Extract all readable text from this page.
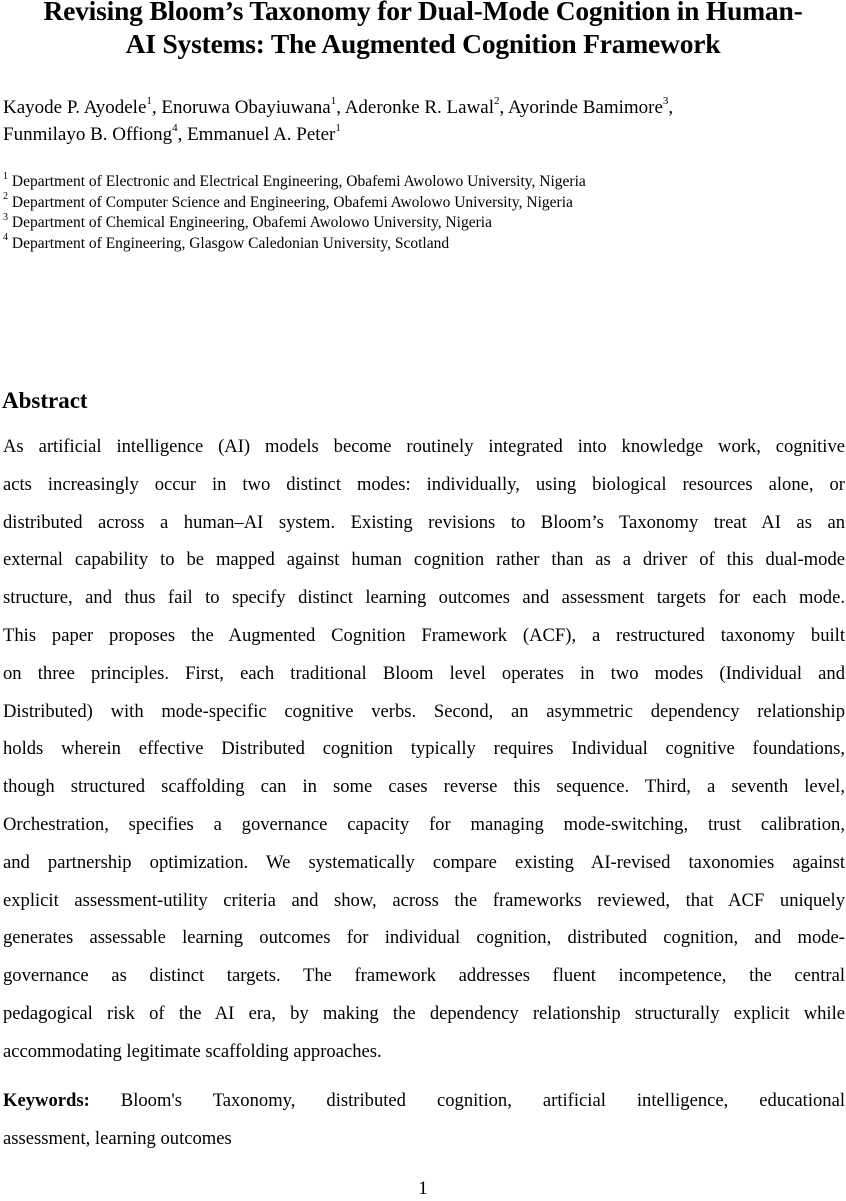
Revising Bloom’s Taxonomy for Dual-Mode Cognition in Human-
AI Systems: The Augmented Cognition Framework
Kayode P. Ayodele$^1$, Enoruwa Obayiuwana$^1$, Aderonke R. Lawal$^2$, Ayorinde Bamimore$^3$,
Funmilayo B. Offiong$^4$, Emmanuel A. Peter$^1$
$^1$ Department of Electronic and Electrical Engineering, Obafemi Awolowo University, Nigeria
$^2$ Department of Computer Science and Engineering, Obafemi Awolowo University, Nigeria
$^3$ Department of Chemical Engineering, Obafemi Awolowo University, Nigeria
$^4$ Department of Engineering, Glasgow Caledonian University, Scotland
Abstract
As artificial intelligence (AI) models become routinely integrated into knowledge work, cognitive
acts increasingly occur in two distinct modes: individually, using biological resources alone, or
distributed across a human–AI system. Existing revisions to Bloom’s Taxonomy treat AI as an
external capability to be mapped against human cognition rather than as a driver of this dual-mode
structure, and thus fail to specify distinct learning outcomes and assessment targets for each mode.
This paper proposes the Augmented Cognition Framework (ACF), a restructured taxonomy built
on three principles. First, each traditional Bloom level operates in two modes (Individual and
Distributed) with mode-specific cognitive verbs. Second, an asymmetric dependency relationship
holds wherein effective Distributed cognition typically requires Individual cognitive foundations,
though structured scaffolding can in some cases reverse this sequence. Third, a seventh level,
Orchestration, specifies a governance capacity for managing mode-switching, trust calibration,
and partnership optimization. We systematically compare existing AI-revised taxonomies against
explicit assessment-utility criteria and show, across the frameworks reviewed, that ACF uniquely
generates assessable learning outcomes for individual cognition, distributed cognition, and mode-
governance as distinct targets. The framework addresses fluent incompetence, the central
pedagogical risk of the AI era, by making the dependency relationship structurally explicit while
accommodating legitimate scaffolding approaches.
Keywords: Bloom's Taxonomy, distributed cognition, artificial intelligence, educational
assessment, learning outcomes
1
